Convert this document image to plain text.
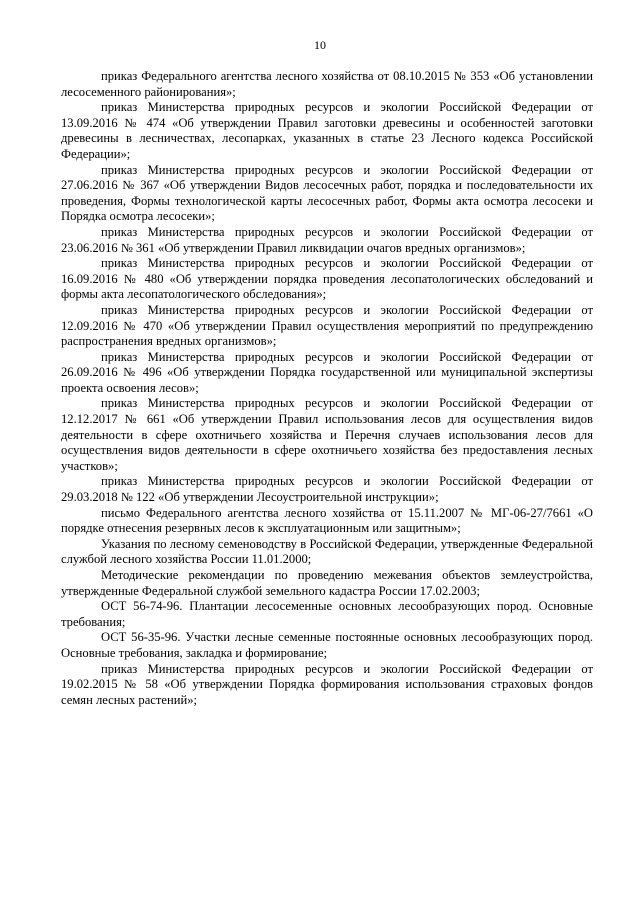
10

приказ Федерального агентства лесного хозяйства от 08.10.2015 № 353 «Об установлении лесосеменного районирования»;

приказ Министерства природных ресурсов и экологии Российской Федерации от 13.09.2016 № 474 «Об утверждении Правил заготовки древесины и особенностей заготовки древесины в лесничествах, лесопарках, указанных в статье 23 Лесного кодекса Российской Федерации»;

приказ Министерства природных ресурсов и экологии Российской Федерации от 27.06.2016 № 367 «Об утверждении Видов лесосечных работ, порядка и последовательности их проведения, Формы технологической карты лесосечных работ, Формы акта осмотра лесосеки и Порядка осмотра лесосеки»;

приказ Министерства природных ресурсов и экологии Российской Федерации от 23.06.2016 № 361 «Об утверждении Правил ликвидации очагов вредных организмов»;

приказ Министерства природных ресурсов и экологии Российской Федерации от 16.09.2016 № 480 «Об утверждении порядка проведения лесопатологических обследований и формы акта лесопатологического обследования»;

приказ Министерства природных ресурсов и экологии Российской Федерации от 12.09.2016 № 470 «Об утверждении Правил осуществления мероприятий по предупреждению распространения вредных организмов»;

приказ Министерства природных ресурсов и экологии Российской Федерации от 26.09.2016 № 496 «Об утверждении Порядка государственной или муниципальной экспертизы проекта освоения лесов»;

приказ Министерства природных ресурсов и экологии Российской Федерации от 12.12.2017 № 661 «Об утверждении Правил использования лесов для осуществления видов деятельности в сфере охотничьего хозяйства и Перечня случаев использования лесов для осуществления видов деятельности в сфере охотничьего хозяйства без предоставления лесных участков»;

приказ Министерства природных ресурсов и экологии Российской Федерации от 29.03.2018 № 122 «Об утверждении Лесоустроительной инструкции»;

письмо Федерального агентства лесного хозяйства от 15.11.2007 № МГ-06-27/7661 «О порядке отнесения резервных лесов к эксплуатационным или защитным»;

Указания по лесному семеноводству в Российской Федерации, утвержденные Федеральной службой лесного хозяйства России 11.01.2000;

Методические рекомендации по проведению межевания объектов землеустройства, утвержденные Федеральной службой земельного кадастра России 17.02.2003;

ОСТ 56-74-96. Плантации лесосеменные основных лесообразующих пород. Основные требования;

ОСТ 56-35-96. Участки лесные семенные постоянные основных лесообразующих пород. Основные требования, закладка и формирование;

приказ Министерства природных ресурсов и экологии Российской Федерации от 19.02.2015 № 58 «Об утверждении Порядка формирования использования страховых фондов семян лесных растений»;
